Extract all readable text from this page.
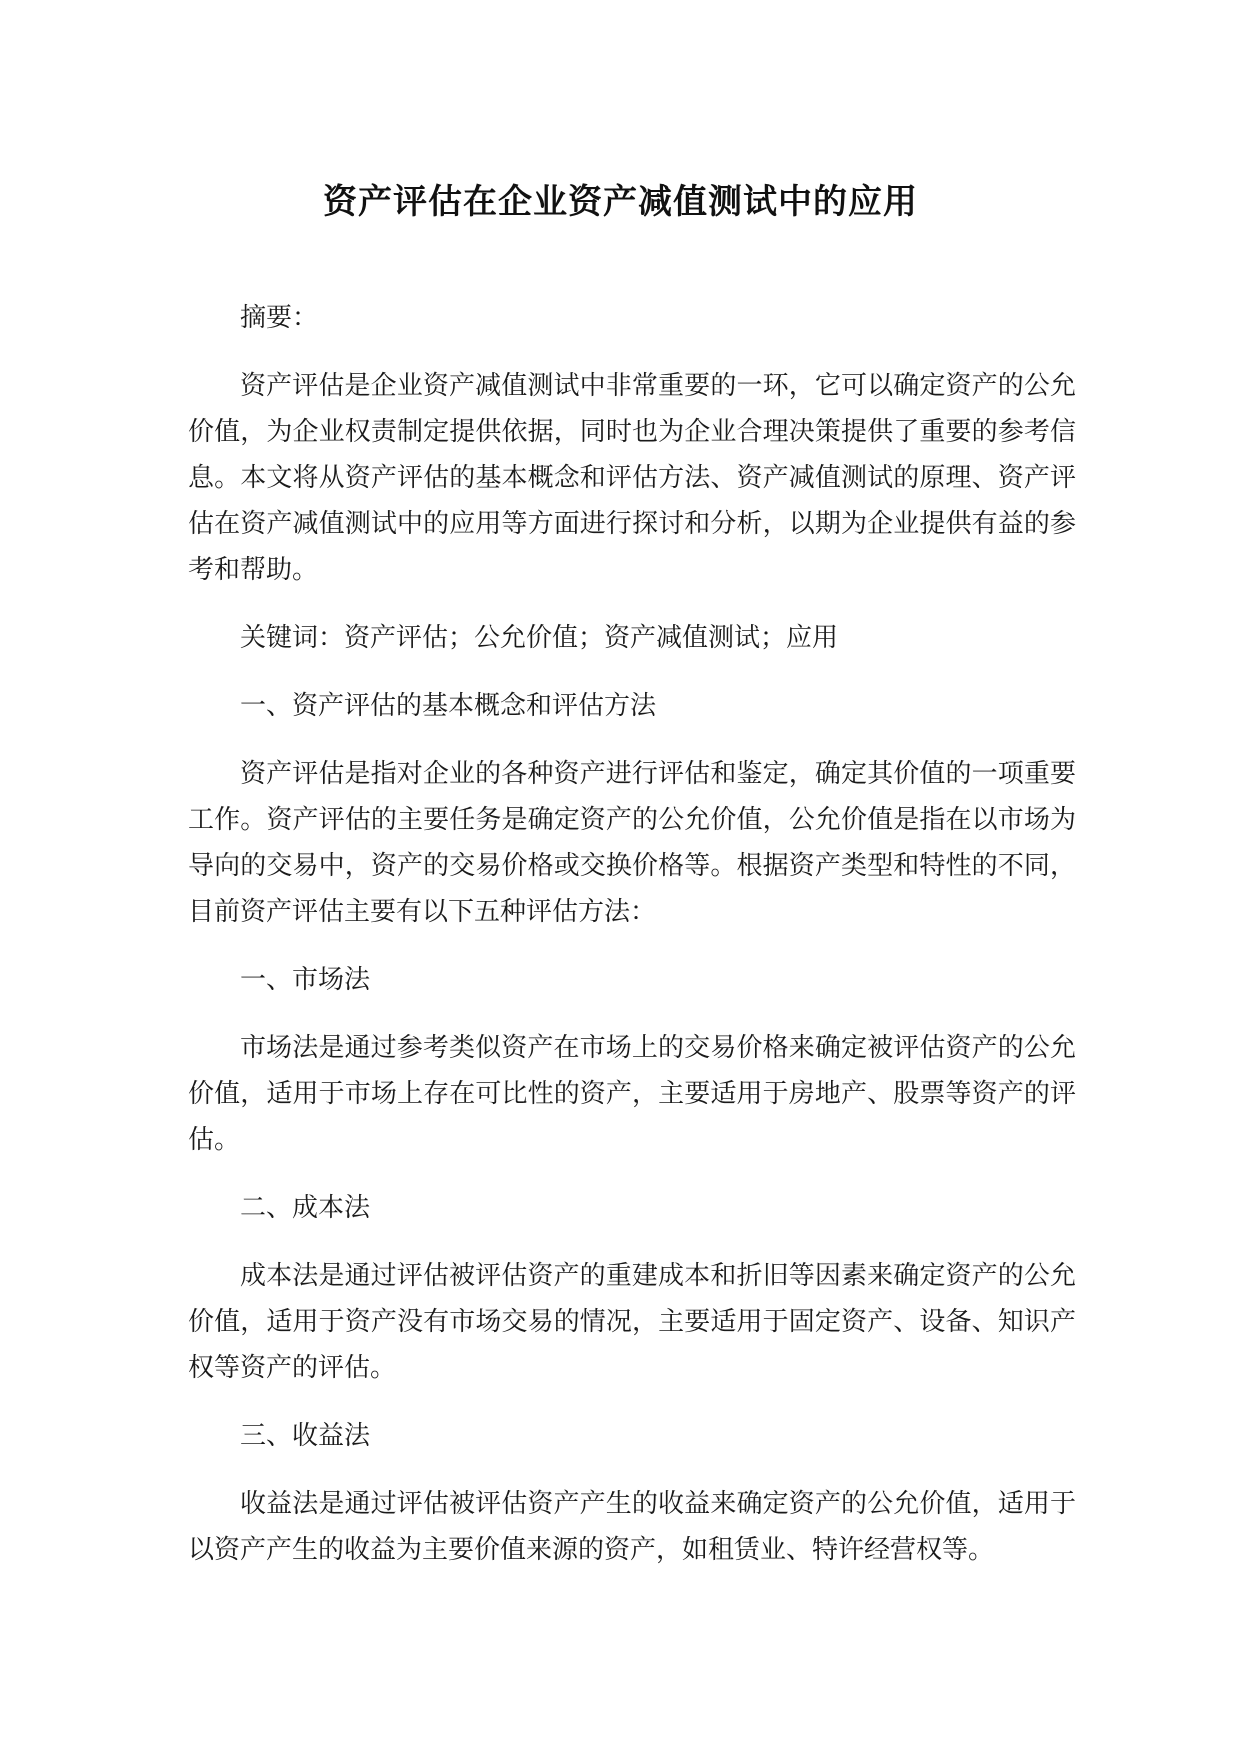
资产评估在企业资产减值测试中的应用

摘要：

资产评估是企业资产减值测试中非常重要的一环，它可以确定资产的公允价值，为企业权责制定提供依据，同时也为企业合理决策提供了重要的参考信息。本文将从资产评估的基本概念和评估方法、资产减值测试的原理、资产评估在资产减值测试中的应用等方面进行探讨和分析，以期为企业提供有益的参考和帮助。

关键词：资产评估；公允价值；资产减值测试；应用

一、资产评估的基本概念和评估方法

资产评估是指对企业的各种资产进行评估和鉴定，确定其价值的一项重要工作。资产评估的主要任务是确定资产的公允价值，公允价值是指在以市场为导向的交易中，资产的交易价格或交换价格等。根据资产类型和特性的不同，目前资产评估主要有以下五种评估方法：

一、市场法

市场法是通过参考类似资产在市场上的交易价格来确定被评估资产的公允价值，适用于市场上存在可比性的资产，主要适用于房地产、股票等资产的评估。

二、成本法

成本法是通过评估被评估资产的重建成本和折旧等因素来确定资产的公允价值，适用于资产没有市场交易的情况，主要适用于固定资产、设备、知识产权等资产的评估。

三、收益法

收益法是通过评估被评估资产产生的收益来确定资产的公允价值，适用于以资产产生的收益为主要价值来源的资产，如租赁业、特许经营权等。
